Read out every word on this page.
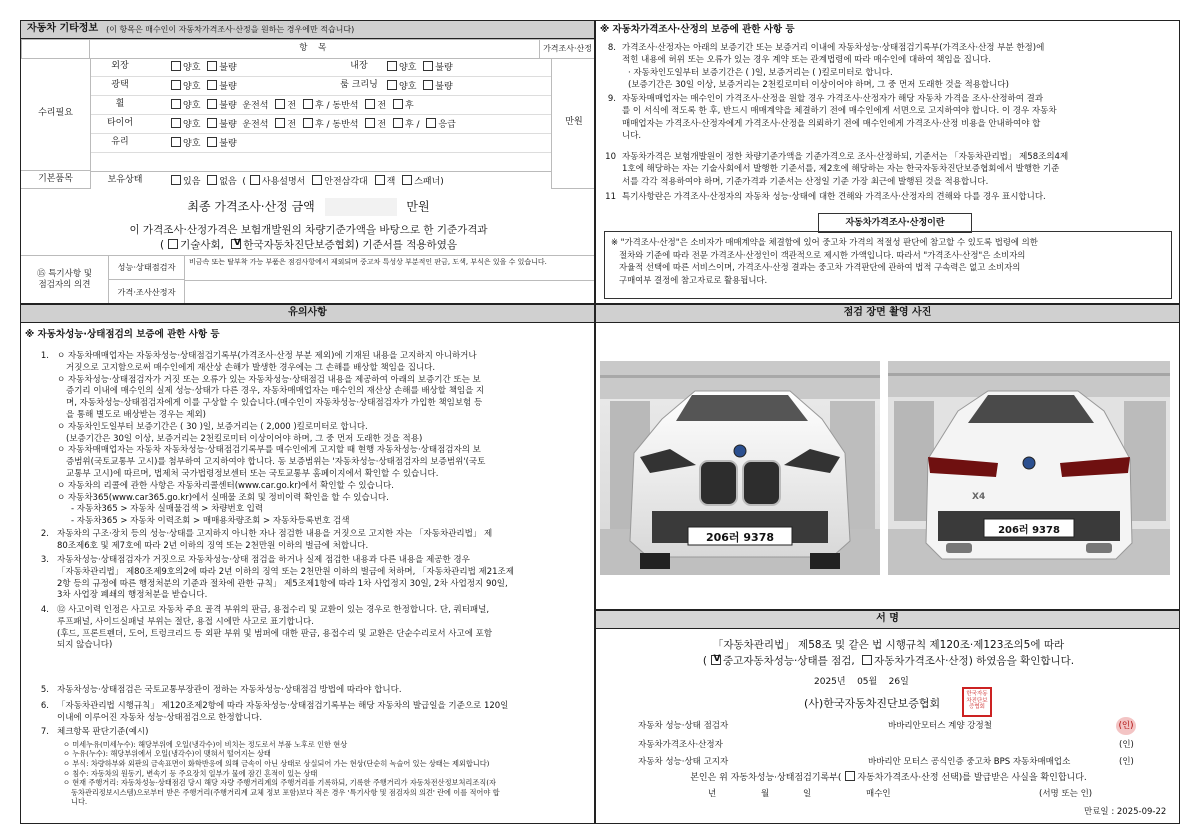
자동차 기타정보 (이 항목은 매수인이 자동차가격조사·산정을 원하는 경우에만 적습니다)
	항 목	가격조사·산정
수리필요
기본품목
만원
외장	양호 불량	내장	양호 불량
광택	양호 불량	룸 크리닝	양호 불량
휠	양호 불량 운전석 전 후 / 동반석 전 후
타이어	양호 불량 운전석 전 후 / 동반석 전 후 / 응급
유리	양호 불량
보유상태	있음 없음  ( 사용설명서 안전삼각대 잭 스패너)
최종 가격조사·산정 금액	만원
이 가격조사·산정가격은 보험개발원의 차량기준가액을 바탕으로 한 기준가격과
( 기술사회, V 한국자동차진단보증협회) 기준서를 적용하였음
⑮ 특기사항 및
점검자의 의견
성능·상태점검자 비금속 또는 탈부착 가능 부품은 점검사항에서 제외되며 중고차 특성상 부분적인 판금, 도색, 부식은 있을 수 있습니다.
가격·조사산정자
※ 자동차가격조사·산정의 보증에 관한 사항 등
8. 가격조사·산정자는 아래의 보증기간 또는 보증거리 이내에 자동차성능·상태점검기록부(가격조사·산정 부분 한정)에
적힌 내용에 허위 또는 오류가 있는 경우 계약 또는 관계법령에 따라 매수인에 대하여 책임을 집니다.
· 자동차인도일부터 보증기간은 ( )일, 보증거리는 ( )킬로미터로 합니다.
(보증기간은 30일 이상, 보증거리는 2천킬로미터 이상이어야 하며, 그 중 먼저 도래한 것을 적용합니다)
9. 자동차매매업자는 매수인이 가격조사·산정을 원할 경우 가격조사·산정자가 해당 자동차 가격을 조사·산정하여 결과
를 이 서식에 적도록 한 후, 반드시 매매계약을 체결하기 전에 매수인에게 서면으로 고지하여야 합니다. 이 경우 자동차
매매업자는 가격조사·산정자에게 가격조사·산정을 의뢰하기 전에 매수인에게 가격조사·산정 비용을 안내하여야 합
니다.
10 자동차가격은 보험개발원이 정한 차량기준가액을 기준가격으로 조사·산정하되, 기준서는 「자동차관리법」 제58조의4제
1호에 해당하는 자는 기술사회에서 발행한 기준서를, 제2호에 해당하는 자는 한국자동차진단보증협회에서 발행한 기준
서를 각각 적용하여야 하며, 기준가격과 기준서는 산정일 기준 가장 최근에 발행된 것을 적용합니다.
11 특기사항란은 가격조사·산정자의 자동차 성능·상태에 대한 견해와 가격조사·산정자의 견해와 다를 경우 표시합니다.
자동차가격조사·산정이란
※ "가격조사·산정"은 소비자가 매매계약을 체결함에 있어 중고차 가격의 적절성 판단에 참고할 수 있도록 법령에 의한
절차와 기준에 따라 전문 가격조사·산정인이 객관적으로 제시한 가액입니다. 따라서 "가격조사·산정"은 소비자의
자율적 선택에 따른 서비스이며, 가격조사·산정 결과는 중고차 가격판단에 관하여 법적 구속력은 없고 소비자의
구매여부 결정에 참고자료로 활용됩니다.
유의사항
※ 자동차성능·상태점검의 보증에 관한 사항 등
1. ㅇ 자동차매매업자는 자동차성능·상태점검기록부(가격조사·산정 부분 제외)에 기재된 내용을 고지하지 아니하거나
거짓으로 고지함으로써 매수인에게 재산상 손해가 발생한 경우에는 그 손해를 배상할 책임을 집니다.
ㅇ 자동차성능·상태점검자가 거짓 또는 오류가 있는 자동차성능·상태점검 내용을 제공하여 아래의 보증기간 또는 보
증기리 이내에 매수인의 실제 성능·상태가 다른 경우, 자동차매매업자는 매수인의 재산상 손해를 배상할 책임을 지
며, 자동차성능·상태점검자에게 이를 구상할 수 있습니다.(매수인이 자동차성능·상태점검자가 가입한 책임보험 등
을 통해 별도로 배상받는 경우는 제외)
ㅇ 자동차인도일부터 보증기간은 ( 30 )일, 보증거리는 ( 2,000 )킬로미터로 합니다.
(보증기간은 30일 이상, 보증거리는 2천킬로미터 이상이어야 하며, 그 중 먼저 도래한 것을 적용)
ㅇ 자동차매매업자는 자동차 자동차성능·상태점검기록부를 매수인에게 고지할 때 현행 자동차성능·상태점검자의 보
증범위(국토교통부 고시)를 첨부하여 고지하여야 합니다. 동 보증범위는 '자동차성능·상태점검자의 보증범위'(국토
교통부 고시)에 따르며, 법제처 국가법령정보센터 또는 국토교통부 홈페이지에서 확인할 수 있습니다.
ㅇ 자동차의 리콜에 관한 사항은 자동차리콜센터(www.car.go.kr)에서 확인할 수 있습니다.
ㅇ 자동차365(www.car365.go.kr)에서 실매물 조회 및 정비이력 확인을 할 수 있습니다.
- 자동차365 > 자동차 실매물검색 > 차량번호 입력
- 자동차365 > 자동차 이력조회 > 매매용차량조회 > 자동차등록번호 검색
2. 자동차의 구조·장치 등의 성능·상태를 고지하지 아니한 자나 점검한 내용을 거짓으로 고지한 자는 「자동차관리법」 제
80조제6호 및 제7호에 따라 2년 이하의 징역 또는 2천만원 이하의 벌금에 처합니다.
3. 자동차성능·상태점검자가 거짓으로 자동차성능·상태 점검을 하거나 실제 점검한 내용과 다른 내용을 제공한 경우
「자동차관리법」 제80조제9호의2에 따라 2년 이하의 징역 또는 2천만원 이하의 벌금에 처하며, 「자동차관리법 제21조제
2항 등의 규정에 따른 행정처분의 기준과 절차에 관한 규칙」 제5조제1항에 따라 1차 사업정지 30일, 2차 사업정지 90일,
3차 사업장 폐쇄의 행정처분을 받습니다.
4. ⑫ 사고이력 인정은 사고로 자동차 주요 골격 부위의 판금, 용접수리 및 교환이 있는 경우로 한정합니다. 단, 쿼터패널,
루프패널, 사이드실패널 부위는 절단, 용접 시에만 사고로 표기합니다.
(후드, 프론트펜더, 도어, 트렁크리드 등 외판 부위 및 범퍼에 대한 판금, 용접수리 및 교환은 단순수리로서 사고에 포함
되지 않습니다)
5. 자동차성능·상태점검은 국토교통부장관이 정하는 자동차성능·상태점검 방법에 따라야 합니다.
6. 「자동차관리법 시행규칙」 제120조제2항에 따라 자동차성능·상태점검기록부는 해당 자동차의 발급일을 기준으로 120일
이내에 이루어진 자동차 성능·상태점검으로 한정합니다.
7. 체크항목 판단기준(예시)
ㅇ 미세누유(미세누수): 해당부위에 오일(냉각수)이 비치는 정도로서 부품 노후로 인한 현상
ㅇ 누유(누수): 해당부위에서 오일(냉각수)이 맺혀서 떨어지는 상태
ㅇ 부식: 차량하부와 외판의 금속표면이 화학반응에 의해 금속이 아닌 상태로 상실되어 가는 현상(단순히 녹슬어 있는 상태는 제외합니다)
ㅇ 침수: 자동차의 원동기, 변속기 등 주요장치 일부가 물에 잠긴 흔적이 있는 상태
ㅇ 현재 주행거리: 자동차성능·상태점검 당시 해당 자량 주행거리계의 주행거리를 기록하되, 기록한 주행거리가 자동차전산정보처리조직(자
동차관리정보시스템)으로부터 받은 주행거리(주행거리계 교체 정보 포함)보다 적은 경우 '특기사항 및 점검자의 의견' 란에 이를 적어야 합
니다.
점검 장면 촬영 사진
206러 9378
X4
206러 9378
서 명
「자동차관리법」 제58조 및 같은 법 시행규칙 제120조·제123조의5에 따라
( V 중고자동차성능·상태를 점검, 자동차가격조사·산정) 하였음을 확인합니다.
2025년 05월 26일
(사)한국자동차진단보증협회
한국자동차진단보증협회
자동차 성능·상태 점검자	바바리안모터스 계양 강정철	(인)
자동차가격조사·산정자	(인)
자동차 성능·상태 고지자	바바리안 모터스 공식인증 중고차 BPS 자동차매매업소	(인)
본인은 위 자동차성능·상태점검기록부( 자동차가격조사·산정 선택)를 발급받은 사실을 확인합니다.
년	월	일	매수인	(서명 또는 인)
만료일 : 2025-09-22
